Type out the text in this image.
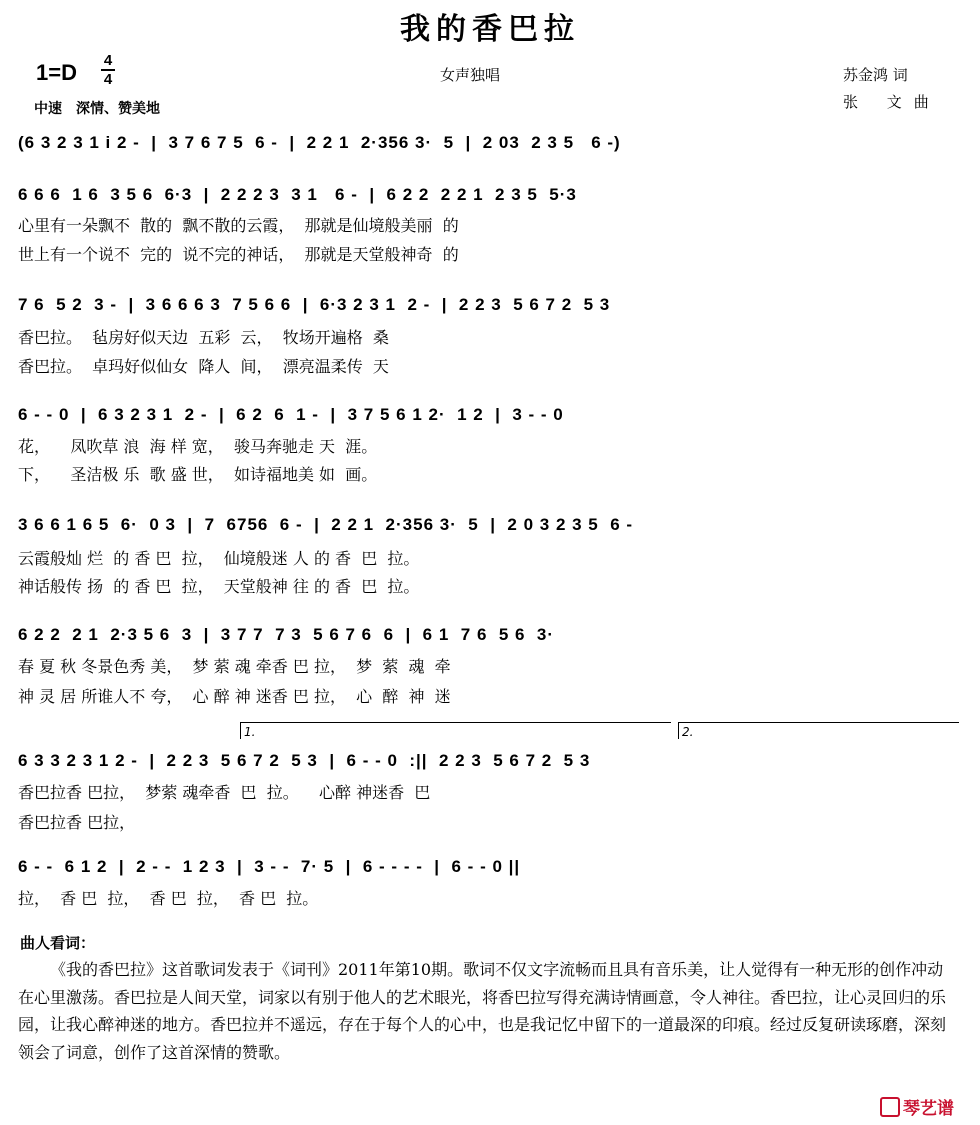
我的香巴拉
1=D 4
4	女声独唱	苏金鸿 词
张 文曲
中速　深情、赞美地
(6 3 2 3 1 i 2 -  |  3 7 6 7 5  6 -  |  2 2 1  2·356 3·  5  |  2 03  2 3 5   6 -)
6 6 6  1 6  3 5 6  6·3  |  2 2 2 3  3 1   6 -  |  6 2 2  2 2 1  2 3 5  5·3
心里有一朵飘不  散的  飘不散的云霞，  那就是仙境般美丽  的
世上有一个说不  完的  说不完的神话，  那就是天堂般神奇  的
7 6  5 2  3 -  |  3 6 6 6 3  7 5 6 6  |  6·3 2 3 1  2 -  |  2 2 3  5 6 7 2  5 3
香巴拉。  毡房好似天边  五彩  云，  牧场开遍格  桑
香巴拉。  卓玛好似仙女  降人  间，  漂亮温柔传  天
6 - - 0  |  6 3 2 3 1  2 -  |  6 2  6  1 -  |  3 7 5 6 1 2·  1 2  |  3 - - 0
花，    凤吹草 浪  海 样 宽，  骏马奔驰走 天  涯。
下，    圣洁极 乐  歌 盛 世，  如诗福地美 如  画。
3 6 6 1 6 5  6·  0 3  |  7  6756  6 -  |  2 2 1  2·356 3·  5  |  2 0 3 2 3 5  6 -
云霞般灿 烂  的 香 巴  拉，  仙境般迷 人 的 香  巴  拉。
神话般传 扬  的 香 巴  拉，  天堂般神 往 的 香  巴  拉。
6 2 2  2 1  2·3 5 6  3  |  3 7 7  7 3  5 6 7 6  6  |  6 1  7 6  5 6  3·
春 夏 秋 冬景色秀 美，  梦 萦 魂 牵香 巴 拉，  梦  萦  魂  牵
神 灵 居 所谁人不 夸，  心 醉 神 迷香 巴 拉，  心  醉  神  迷
1.	2.
6 3 3 2 3 1 2 -  |  2 2 3  5 6 7 2  5 3  |  6 - - 0  :||  2 2 3  5 6 7 2  5 3
香巴拉香 巴拉，  梦萦 魂牵香  巴  拉。    心醉 神迷香  巴
香巴拉香 巴拉，
6 - -  6 1 2  |  2 - -  1 2 3  |  3 - -  7· 5  |  6 - - - -  |  6 - - 0 ||
拉，  香 巴  拉，  香 巴  拉，  香 巴  拉。
曲人看词：
《我的香巴拉》这首歌词发表于《词刊》2011年第10期。歌词不仅文字流畅而且具有音乐美，让人觉得有一种无形的创作冲动在心里激荡。香巴拉是人间天堂，词家以有别于他人的艺术眼光，将香巴拉写得充满诗情画意，令人神往。香巴拉，让心灵回归的乐园，让我心醉神迷的地方。香巴拉并不遥远，存在于每个人的心中，也是我记忆中留下的一道最深的印痕。经过反复研读琢磨，深刻领会了词意，创作了这首深情的赞歌。
琴艺谱
